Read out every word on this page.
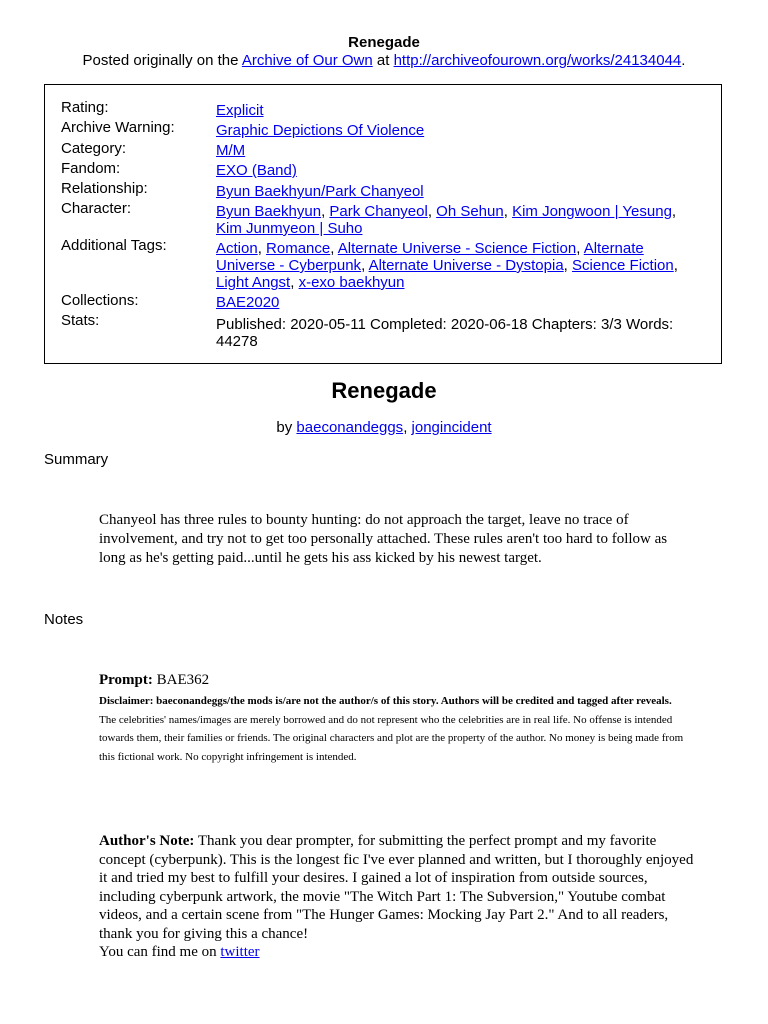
Renegade
Posted originally on the Archive of Our Own at http://archiveofourown.org/works/24134044.
Rating:	Explicit
Archive Warning:	Graphic Depictions Of Violence
Category:	M/M
Fandom:	EXO (Band)
Relationship:	Byun Baekhyun/Park Chanyeol
Character:	Byun Baekhyun, Park Chanyeol, Oh Sehun, Kim Jongwoon | Yesung, Kim Junmyeon | Suho
Additional Tags:	Action, Romance, Alternate Universe - Science Fiction, Alternate Universe - Cyberpunk, Alternate Universe - Dystopia, Science Fiction, Light Angst, x-exo baekhyun
Collections:	BAE2020
Stats:	Published: 2020-05-11 Completed: 2020-06-18 Chapters: 3/3 Words: 44278
Renegade
by baeconandeggs, jongincident
Summary
Chanyeol has three rules to bounty hunting: do not approach the target, leave no trace of involvement, and try not to get too personally attached. These rules aren't too hard to follow as long as he's getting paid...until he gets his ass kicked by his newest target.
Notes
Prompt: BAE362
Disclaimer: baeconandeggs/the mods is/are not the author/s of this story. Authors will be credited and tagged after reveals. The celebrities' names/images are merely borrowed and do not represent who the celebrities are in real life. No offense is intended towards them, their families or friends. The original characters and plot are the property of the author. No money is being made from this fictional work. No copyright infringement is intended.
Author's Note: Thank you dear prompter, for submitting the perfect prompt and my favorite concept (cyberpunk). This is the longest fic I've ever planned and written, but I thoroughly enjoyed it and tried my best to fulfill your desires. I gained a lot of inspiration from outside sources, including cyberpunk artwork, the movie "The Witch Part 1: The Subversion," Youtube combat videos, and a certain scene from "The Hunger Games: Mocking Jay Part 2." And to all readers, thank you for giving this a chance!
You can find me on twitter
